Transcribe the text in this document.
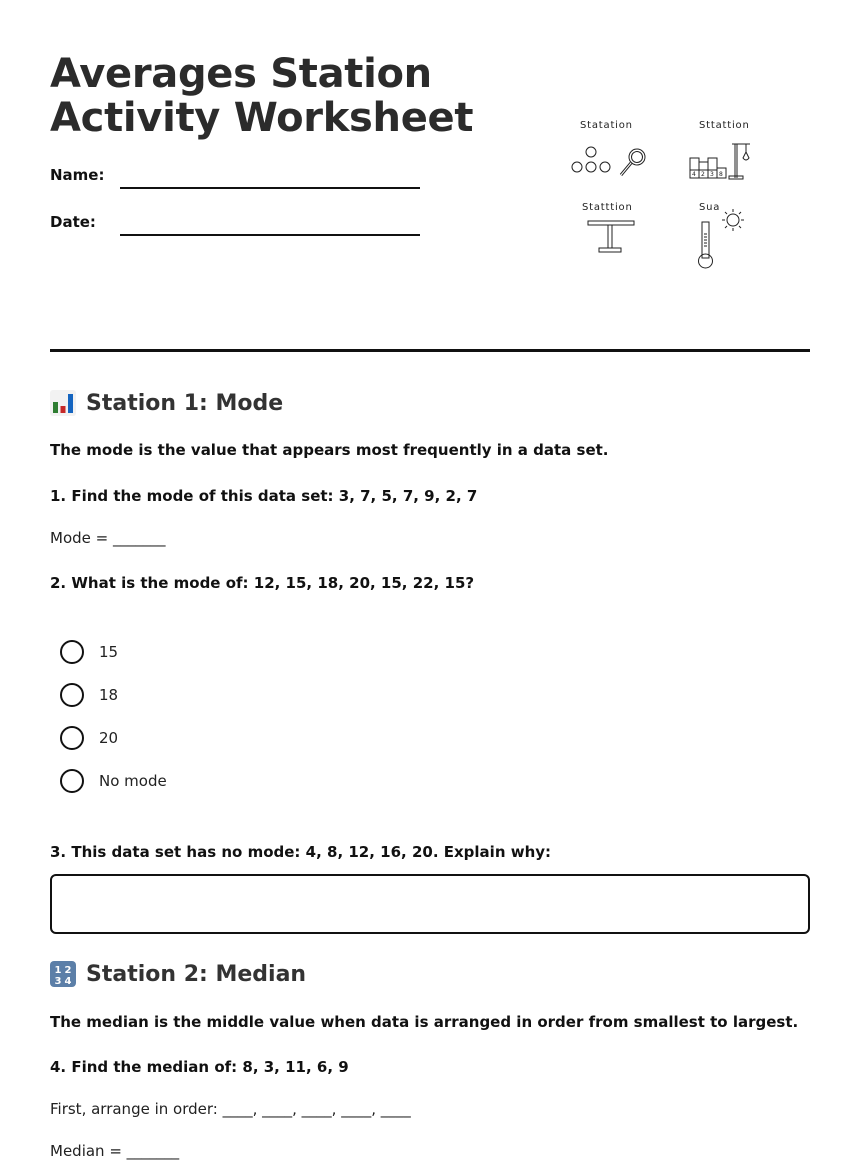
Averages Station
Activity Worksheet
Name:
Date:
Statation	Sttattion
Statttion	Sua
4 2 3 8
Station 1: Mode
The mode is the value that appears most frequently in a data set.
1. Find the mode of this data set: 3, 7, 5, 7, 9, 2, 7
Mode = _______
2. What is the mode of: 12, 15, 18, 20, 15, 22, 15?
15
18
20
No mode
3. This data set has no mode: 4, 8, 12, 16, 20. Explain why:
1 2
3 4 Station 2: Median
The median is the middle value when data is arranged in order from smallest to largest.
4. Find the median of: 8, 3, 11, 6, 9
First, arrange in order: ____, ____, ____, ____, ____
Median = _______
